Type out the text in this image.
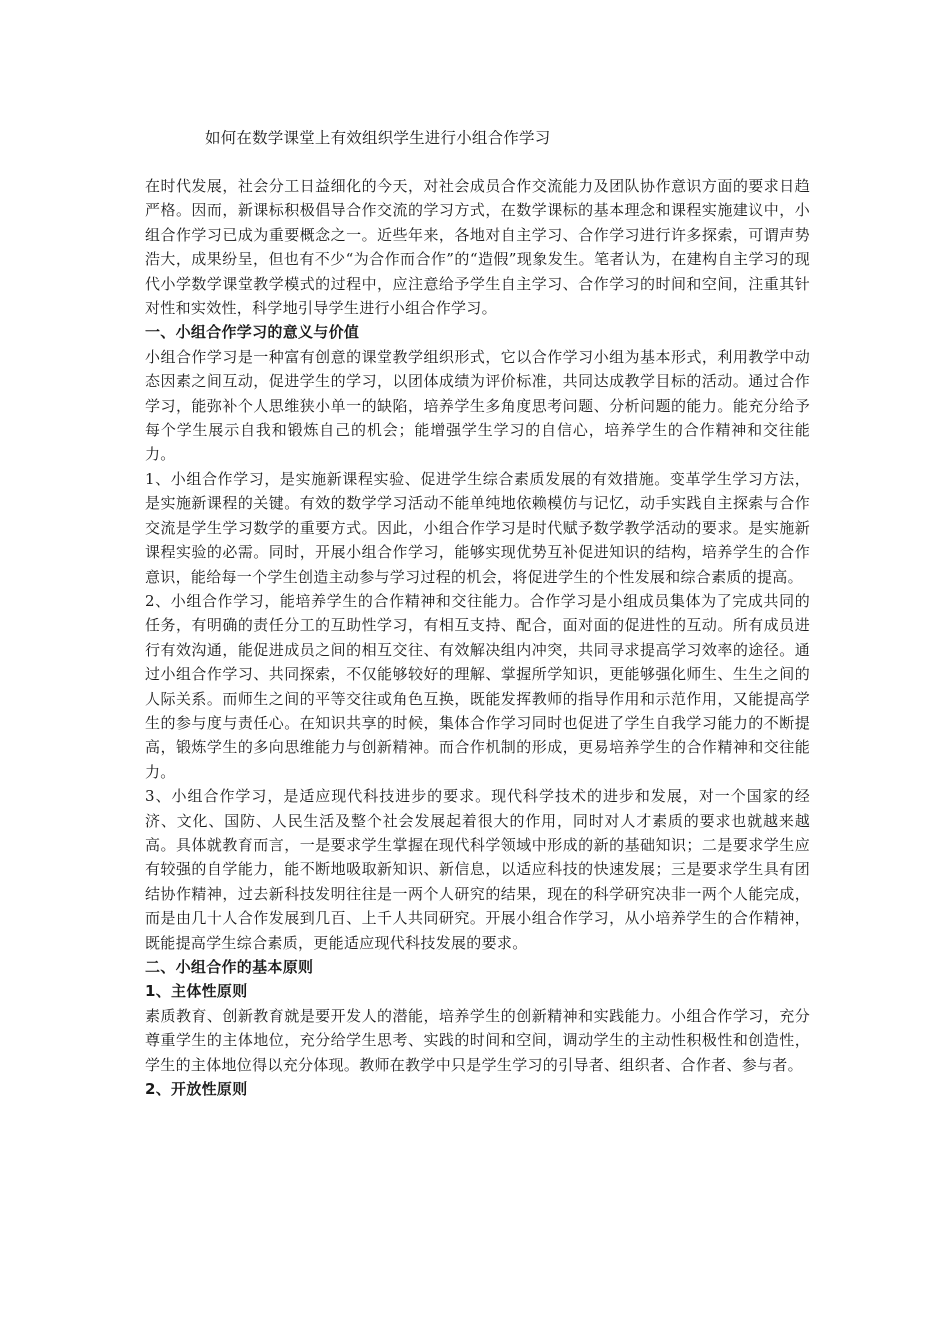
如何在数学课堂上有效组织学生进行小组合作学习

在时代发展，社会分工日益细化的今天，对社会成员合作交流能力及团队协作意识方面的要求日趋严格。因而，新课标积极倡导合作交流的学习方式，在数学课标的基本理念和课程实施建议中，小组合作学习已成为重要概念之一。近些年来，各地对自主学习、合作学习进行许多探索，可谓声势浩大，成果纷呈，但也有不少“为合作而合作”的“造假”现象发生。笔者认为，在建构自主学习的现代小学数学课堂教学模式的过程中，应注意给予学生自主学习、合作学习的时间和空间，注重其针对性和实效性，科学地引导学生进行小组合作学习。

一、小组合作学习的意义与价值

小组合作学习是一种富有创意的课堂教学组织形式，它以合作学习小组为基本形式，利用教学中动态因素之间互动，促进学生的学习，以团体成绩为评价标准，共同达成教学目标的活动。通过合作学习，能弥补个人思维狭小单一的缺陷，培养学生多角度思考问题、分析问题的能力。能充分给予每个学生展示自我和锻炼自己的机会；能增强学生学习的自信心，培养学生的合作精神和交往能力。

1、小组合作学习，是实施新课程实验、促进学生综合素质发展的有效措施。变革学生学习方法，是实施新课程的关键。有效的数学学习活动不能单纯地依赖模仿与记忆，动手实践自主探索与合作交流是学生学习数学的重要方式。因此，小组合作学习是时代赋予数学教学活动的要求。是实施新课程实验的必需。同时，开展小组合作学习，能够实现优势互补促进知识的结构，培养学生的合作意识，能给每一个学生创造主动参与学习过程的机会，将促进学生的个性发展和综合素质的提高。

2、小组合作学习，能培养学生的合作精神和交往能力。合作学习是小组成员集体为了完成共同的任务，有明确的责任分工的互助性学习，有相互支持、配合，面对面的促进性的互动。所有成员进行有效沟通，能促进成员之间的相互交往、有效解决组内冲突，共同寻求提高学习效率的途径。通过小组合作学习、共同探索，不仅能够较好的理解、掌握所学知识，更能够强化师生、生生之间的人际关系。而师生之间的平等交往或角色互换，既能发挥教师的指导作用和示范作用，又能提高学生的参与度与责任心。在知识共享的时候，集体合作学习同时也促进了学生自我学习能力的不断提高，锻炼学生的多向思维能力与创新精神。而合作机制的形成，更易培养学生的合作精神和交往能力。

3、小组合作学习，是适应现代科技进步的要求。现代科学技术的进步和发展，对一个国家的经济、文化、国防、人民生活及整个社会发展起着很大的作用，同时对人才素质的要求也就越来越高。具体就教育而言，一是要求学生掌握在现代科学领域中形成的新的基础知识；二是要求学生应有较强的自学能力，能不断地吸取新知识、新信息，以适应科技的快速发展；三是要求学生具有团结协作精神，过去新科技发明往往是一两个人研究的结果，现在的科学研究决非一两个人能完成，而是由几十人合作发展到几百、上千人共同研究。开展小组合作学习，从小培养学生的合作精神，既能提高学生综合素质，更能适应现代科技发展的要求。

二、小组合作的基本原则

1、主体性原则

素质教育、创新教育就是要开发人的潜能，培养学生的创新精神和实践能力。小组合作学习，充分尊重学生的主体地位，充分给学生思考、实践的时间和空间，调动学生的主动性积极性和创造性，学生的主体地位得以充分体现。教师在教学中只是学生学习的引导者、组织者、合作者、参与者。

2、开放性原则
